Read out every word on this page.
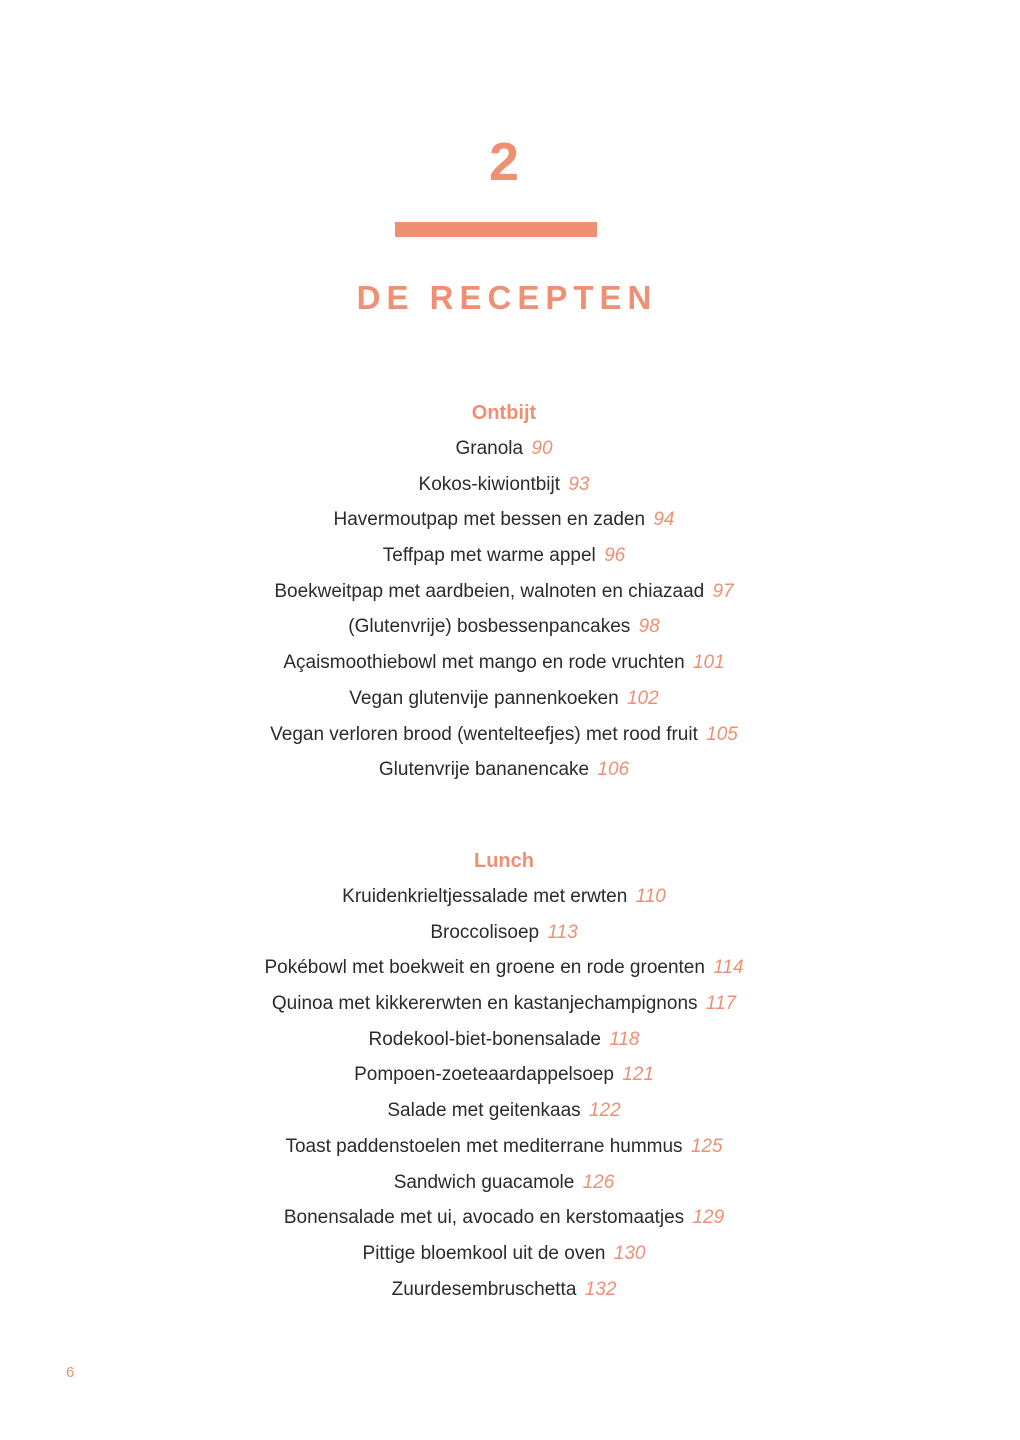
2
DE RECEPTEN
Ontbijt
Granola 90
Kokos-kiwiontbijt 93
Havermoutpap met bessen en zaden 94
Teffpap met warme appel 96
Boekweitpap met aardbeien, walnoten en chiazaad 97
(Glutenvrije) bosbessenpancakes 98
Açaismoothiebowl met mango en rode vruchten 101
Vegan glutenvije pannenkoeken 102
Vegan verloren brood (wentelteefjes) met rood fruit 105
Glutenvrije bananencake 106
Lunch
Kruidenkrieltjessalade met erwten 110
Broccolisoep 113
Pokébowl met boekweit en groene en rode groenten 114
Quinoa met kikkererwten en kastanjechampignons 117
Rodekool-biet-bonensalade 118
Pompoen-zoeteaardappelsoep 121
Salade met geitenkaas 122
Toast paddenstoelen met mediterrane hummus 125
Sandwich guacamole 126
Bonensalade met ui, avocado en kerstomaatjes 129
Pittige bloemkool uit de oven 130
Zuurdesembruschetta 132
6
